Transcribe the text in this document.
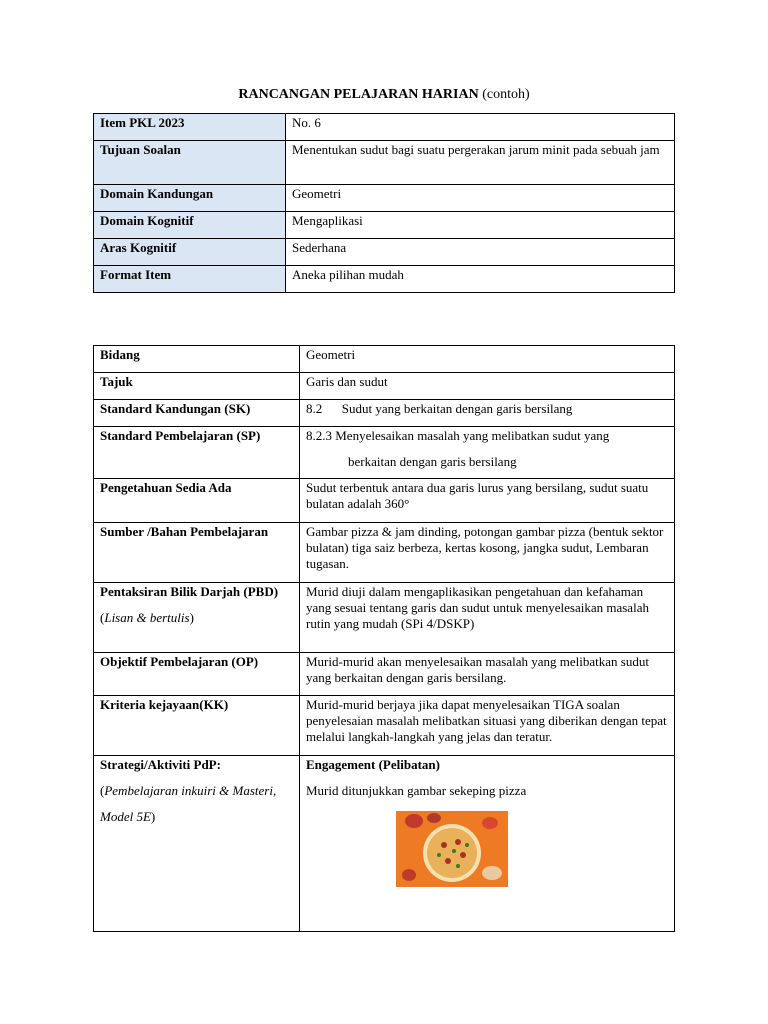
RANCANGAN PELAJARAN HARIAN (contoh)
Item PKL 2023	No. 6
Tujuan Soalan	Menentukan sudut bagi suatu pergerakan jarum minit pada sebuah jam
Domain Kandungan	Geometri
Domain Kognitif	Mengaplikasi
Aras Kognitif	Sederhana
Format Item	Aneka pilihan mudah
Bidang	Geometri
Tajuk	Garis dan sudut
Standard Kandungan (SK)	8.2      Sudut yang berkaitan dengan garis bersilang
Standard Pembelajaran (SP)	8.2.3 Menyelesaikan masalah yang melibatkan sudut yang
berkaitan dengan garis bersilang

Pengetahuan Sedia Ada	Sudut terbentuk antara dua garis lurus yang bersilang, sudut suatu bulatan adalah 360°
Sumber /Bahan Pembelajaran	Gambar pizza & jam dinding, potongan gambar pizza (bentuk sektor bulatan) tiga saiz berbeza, kertas kosong, jangka sudut, Lembaran tugasan.
Pentaksiran Bilik Darjah (PBD)
(Lisan & bertulis)	Murid diuji dalam mengaplikasikan pengetahuan dan kefahaman yang sesuai tentang garis dan sudut untuk menyelesaikan masalah rutin yang mudah (SPi 4/DSKP)
Objektif Pembelajaran (OP)	Murid-murid akan menyelesaikan masalah yang melibatkan sudut yang berkaitan dengan garis bersilang.
Kriteria kejayaan(KK)	Murid-murid berjaya jika dapat menyelesaikan TIGA soalan penyelesaian masalah melibatkan situasi yang diberikan dengan tepat melalui langkah-langkah yang jelas dan teratur.
Strategi/Aktiviti PdP:
(Pembelajaran inkuiri & Masteri,
Model 5E)	Engagement (Pelibatan)
Murid ditunjukkan gambar sekeping pizza
